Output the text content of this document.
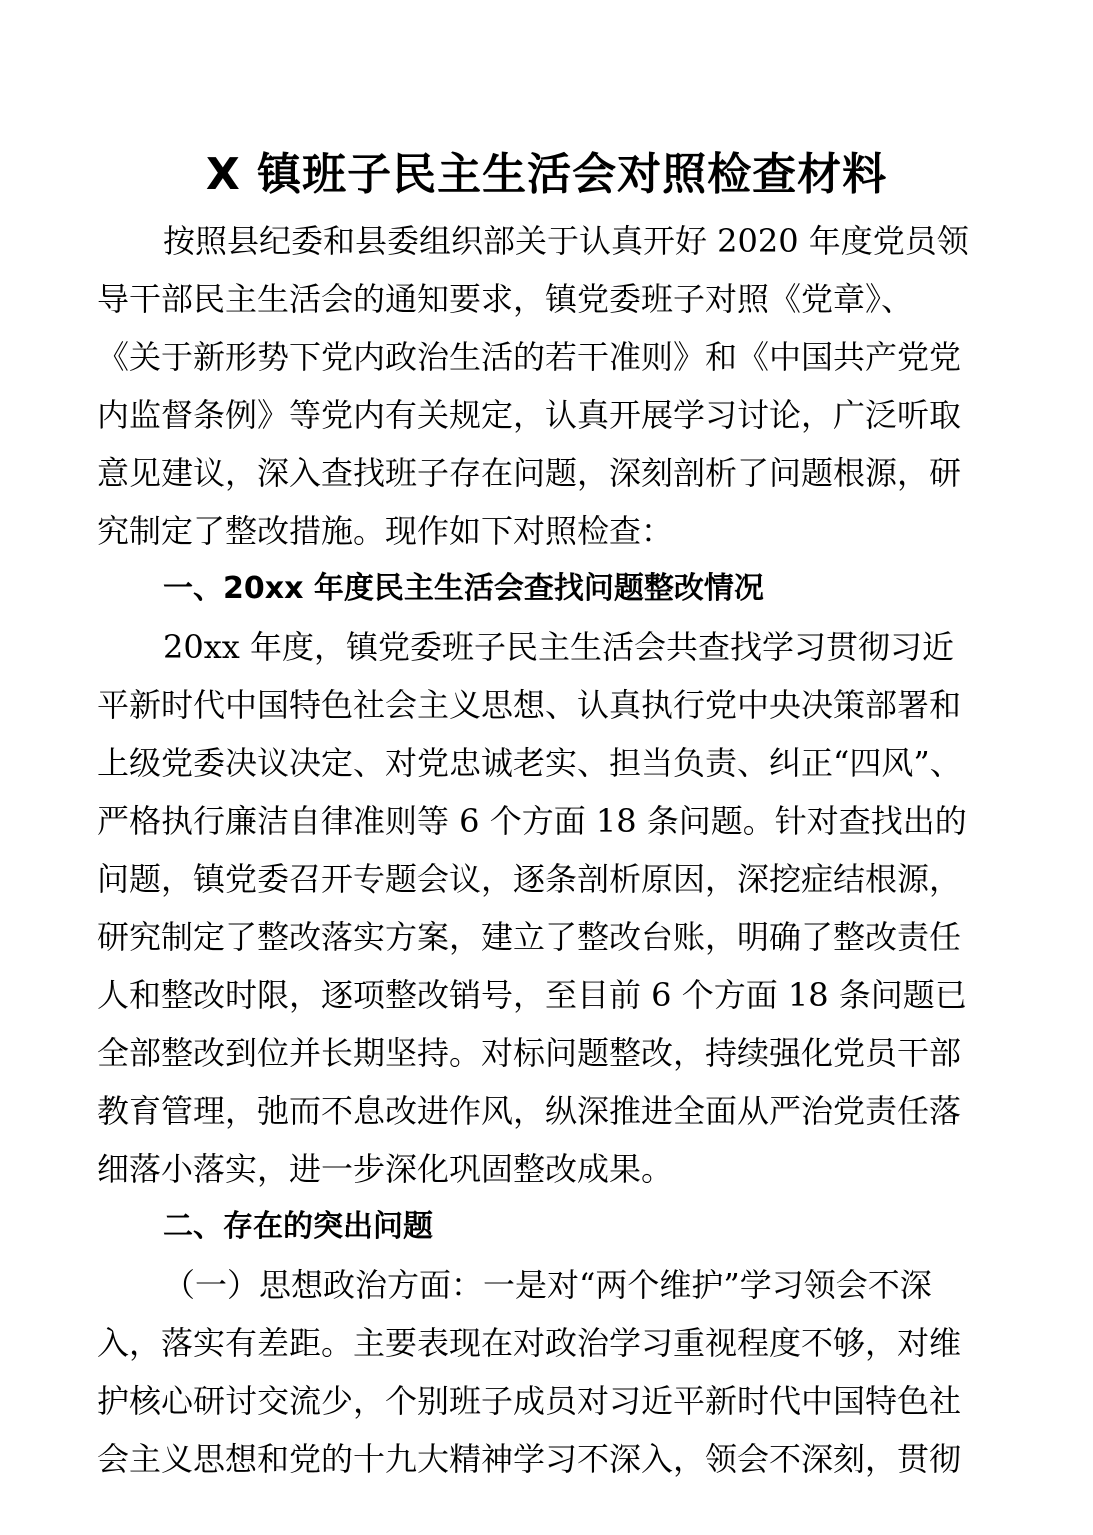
X 镇班子民主生活会对照检查材料
按照县纪委和县委组织部关于认真开好 2020 年度党员领
导干部民主生活会的通知要求，镇党委班子对照《党章》、
《关于新形势下党内政治生活的若干准则》和《中国共产党党
内监督条例》等党内有关规定，认真开展学习讨论，广泛听取
意见建议，深入查找班子存在问题，深刻剖析了问题根源，研
究制定了整改措施。现作如下对照检查：
一、20xx 年度民主生活会查找问题整改情况
20xx 年度，镇党委班子民主生活会共查找学习贯彻习近
平新时代中国特色社会主义思想、认真执行党中央决策部署和
上级党委决议决定、对党忠诚老实、担当负责、纠正“四风”、
严格执行廉洁自律准则等 6 个方面 18 条问题。针对查找出的
问题，镇党委召开专题会议，逐条剖析原因，深挖症结根源，
研究制定了整改落实方案，建立了整改台账，明确了整改责任
人和整改时限，逐项整改销号，至目前 6 个方面 18 条问题已
全部整改到位并长期坚持。对标问题整改，持续强化党员干部
教育管理，弛而不息改进作风，纵深推进全面从严治党责任落
细落小落实，进一步深化巩固整改成果。
二、存在的突出问题
（一）思想政治方面：一是对“两个维护”学习领会不深
入，落实有差距。主要表现在对政治学习重视程度不够，对维
护核心研讨交流少，个别班子成员对习近平新时代中国特色社
会主义思想和党的十九大精神学习不深入，领会不深刻，贯彻
